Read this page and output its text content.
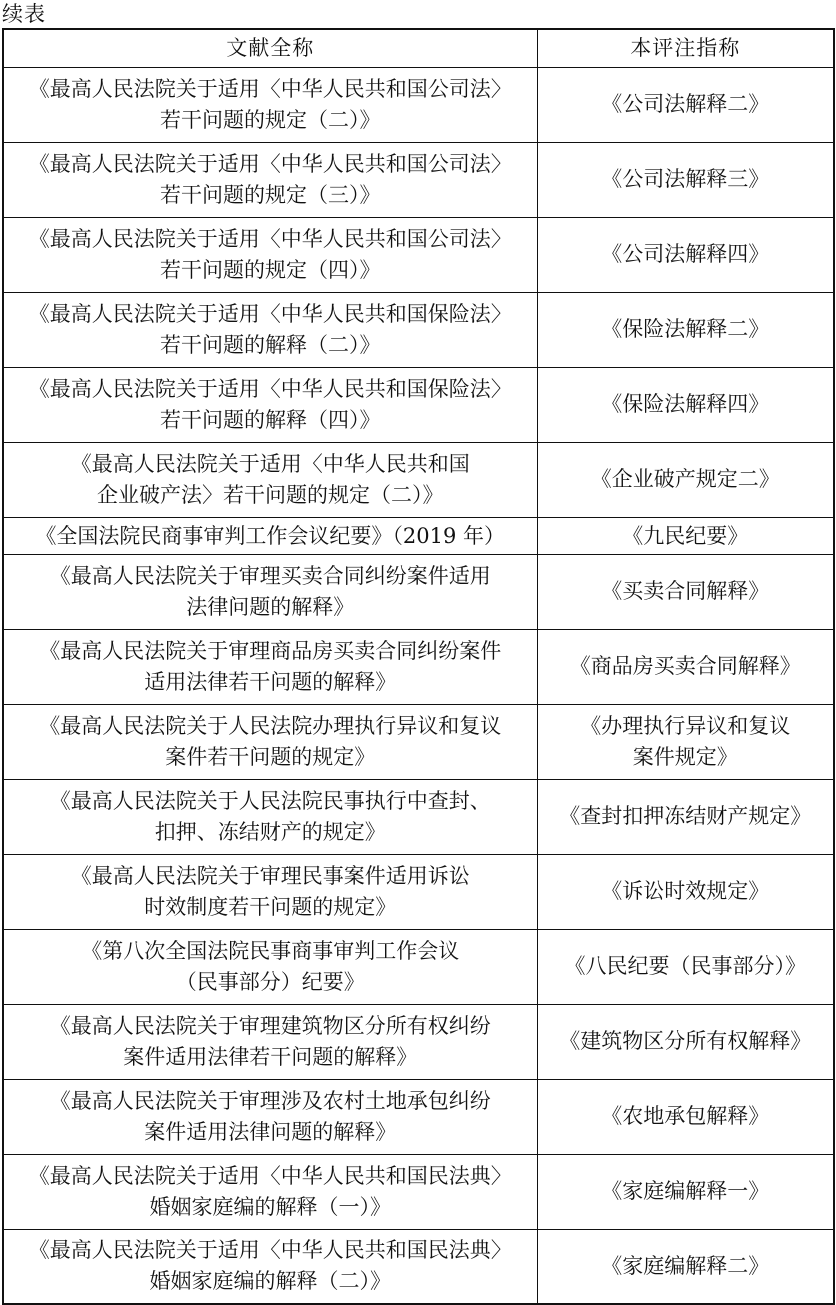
续表
文献全称	本评注指称

《最高人民法院关于适用〈中华人民共和国公司法〉
若干问题的规定（二）》	《公司法解释二》

《最高人民法院关于适用〈中华人民共和国公司法〉
若干问题的规定（三）》	《公司法解释三》

《最高人民法院关于适用〈中华人民共和国公司法〉
若干问题的规定（四）》	《公司法解释四》

《最高人民法院关于适用〈中华人民共和国保险法〉
若干问题的解释（二）》	《保险法解释二》

《最高人民法院关于适用〈中华人民共和国保险法〉
若干问题的解释（四）》	《保险法解释四》

《最高人民法院关于适用〈中华人民共和国
企业破产法〉若干问题的规定（二）》	《企业破产规定二》

《全国法院民商事审判工作会议纪要》（2019 年）	《九民纪要》

《最高人民法院关于审理买卖合同纠纷案件适用
法律问题的解释》	《买卖合同解释》

《最高人民法院关于审理商品房买卖合同纠纷案件
适用法律若干问题的解释》	《商品房买卖合同解释》

《最高人民法院关于人民法院办理执行异议和复议
案件若干问题的规定》	《办理执行异议和复议
案件规定》

《最高人民法院关于人民法院民事执行中查封、
扣押、冻结财产的规定》	《查封扣押冻结财产规定》

《最高人民法院关于审理民事案件适用诉讼
时效制度若干问题的规定》	《诉讼时效规定》

《第八次全国法院民事商事审判工作会议
（民事部分）纪要》	《八民纪要（民事部分）》

《最高人民法院关于审理建筑物区分所有权纠纷
案件适用法律若干问题的解释》	《建筑物区分所有权解释》

《最高人民法院关于审理涉及农村土地承包纠纷
案件适用法律问题的解释》	《农地承包解释》

《最高人民法院关于适用〈中华人民共和国民法典〉
婚姻家庭编的解释（一）》	《家庭编解释一》

《最高人民法院关于适用〈中华人民共和国民法典〉
婚姻家庭编的解释（二）》	《家庭编解释二》
